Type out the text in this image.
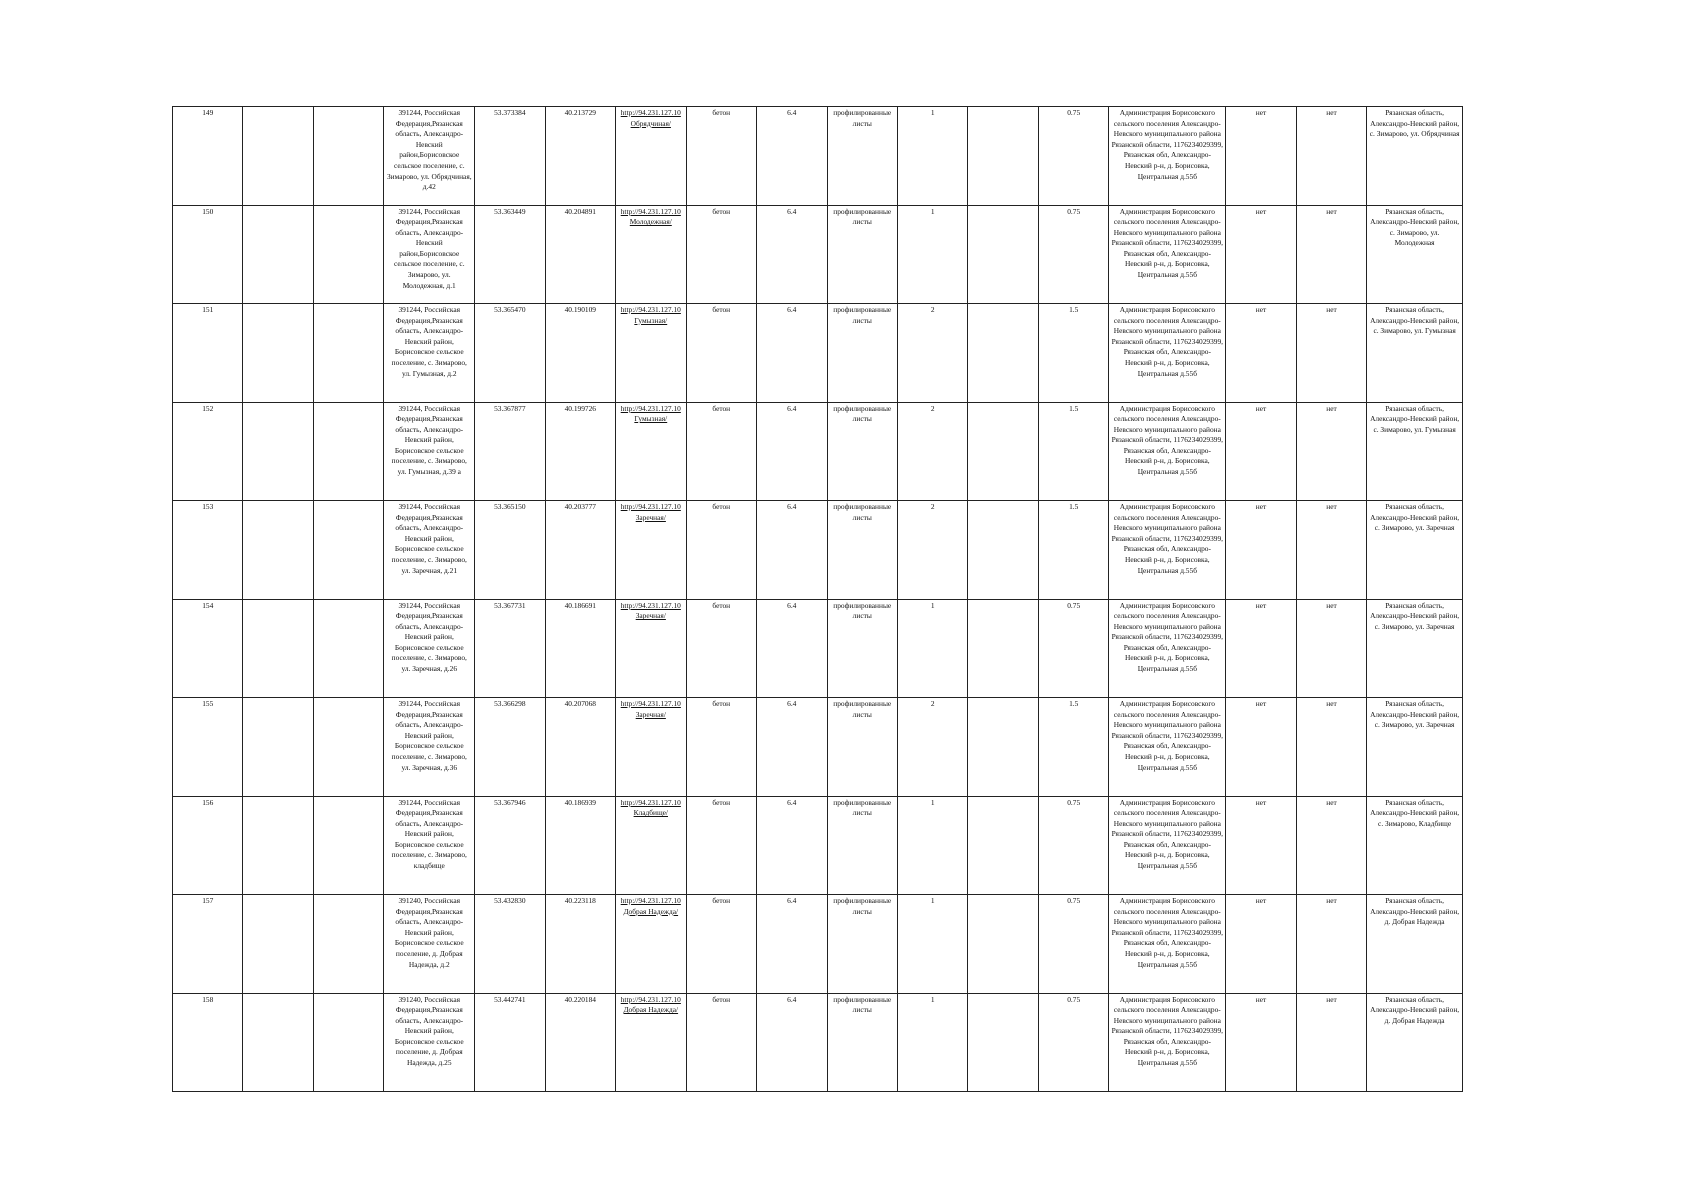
149			391244, Российская Федерация,Рязанская область, Александро-Невский район,Борисовское сельское поселение, с. Зимарово, ул. Обрядчиная, д.42	53.373384	40.213729	http://94.231.127.10 Обрядчиная/	бетон	6.4	профилированные листы	1		0.75	Администрация Борисовского сельского поселения Александро-Невского муниципального района Рязанской области, 1176234029399, Рязанская обл, Александро-Невский р-н, д. Борисовка, Центральная д.55б	нет	нет	Рязанская область, Александро-Невский район, с. Зимарово, ул. Обрядчиная
150			391244, Российская Федерация,Рязанская область, Александро-Невский район,Борисовское сельское поселение, с. Зимарово, ул. Молодежная, д.1	53.363449	40.204891	http://94.231.127.10 Молодежная/	бетон	6.4	профилированные листы	1		0.75	Администрация Борисовского сельского поселения Александро-Невского муниципального района Рязанской области, 1176234029399, Рязанская обл, Александро-Невский р-н, д. Борисовка, Центральная д.55б	нет	нет	Рязанская область, Александро-Невский район, с. Зимарово, ул. Молодежная
151			391244, Российская Федерация,Рязанская область, Александро-Невский район, Борисовское сельское поселение, с. Зимарово, ул. Гумызная, д.2	53.365470	40.190109	http://94.231.127.10 Гумызная/	бетон	6.4	профилированные листы	2		1.5	Администрация Борисовского сельского поселения Александро-Невского муниципального района Рязанской области, 1176234029399, Рязанская обл, Александро-Невский р-н, д. Борисовка, Центральная д.55б	нет	нет	Рязанская область, Александро-Невский район, с. Зимарово, ул. Гумызная
152			391244, Российская Федерация,Рязанская область, Александро-Невский район, Борисовское сельское поселение, с. Зимарово, ул. Гумызная, д.39 а	53.367877	40.199726	http://94.231.127.10 Гумызная/	бетон	6.4	профилированные листы	2		1.5	Администрация Борисовского сельского поселения Александро-Невского муниципального района Рязанской области, 1176234029399, Рязанская обл, Александро-Невский р-н, д. Борисовка, Центральная д.55б	нет	нет	Рязанская область, Александро-Невский район, с. Зимарово, ул. Гумызная
153			391244, Российская Федерация,Рязанская область, Александро-Невский район, Борисовское сельское поселение, с. Зимарово, ул. Заречная, д.21	53.365150	40.203777	http://94.231.127.10 Заречная/	бетон	6.4	профилированные листы	2		1.5	Администрация Борисовского сельского поселения Александро-Невского муниципального района Рязанской области, 1176234029399, Рязанская обл, Александро-Невский р-н, д. Борисовка, Центральная д.55б	нет	нет	Рязанская область, Александро-Невский район, с. Зимарово, ул. Заречная
154			391244, Российская Федерация,Рязанская область, Александро-Невский район, Борисовское сельское поселение, с. Зимарово, ул. Заречная, д.26	53.367731	40.186691	http://94.231.127.10 Заречная/	бетон	6.4	профилированные листы	1		0.75	Администрация Борисовского сельского поселения Александро-Невского муниципального района Рязанской области, 1176234029399, Рязанская обл, Александро-Невский р-н, д. Борисовка, Центральная д.55б	нет	нет	Рязанская область, Александро-Невский район, с. Зимарово, ул. Заречная
155			391244, Российская Федерация,Рязанская область, Александро-Невский район, Борисовское сельское поселение, с. Зимарово, ул. Заречная, д.36	53.366298	40.207068	http://94.231.127.10 Заречная/	бетон	6.4	профилированные листы	2		1.5	Администрация Борисовского сельского поселения Александро-Невского муниципального района Рязанской области, 1176234029399, Рязанская обл, Александро-Невский р-н, д. Борисовка, Центральная д.55б	нет	нет	Рязанская область, Александро-Невский район, с. Зимарово, ул. Заречная
156			391244, Российская Федерация,Рязанская область, Александро-Невский район, Борисовское сельское поселение, с. Зимарово, кладбище	53.367946	40.186939	http://94.231.127.10 Кладбище/	бетон	6.4	профилированные листы	1		0.75	Администрация Борисовского сельского поселения Александро-Невского муниципального района Рязанской области, 1176234029399, Рязанская обл, Александро-Невский р-н, д. Борисовка, Центральная д.55б	нет	нет	Рязанская область, Александро-Невский район, с. Зимарово, Кладбище
157			391240, Российская Федерация,Рязанская область, Александро-Невский район, Борисовское сельское поселение, д. Добрая Надежда, д.2	53.432830	40.223118	http://94.231.127.10 Добрая Надежда/	бетон	6.4	профилированные листы	1		0.75	Администрация Борисовского сельского поселения Александро-Невского муниципального района Рязанской области, 1176234029399, Рязанская обл, Александро-Невский р-н, д. Борисовка, Центральная д.55б	нет	нет	Рязанская область, Александро-Невский район, д. Добрая Надежда
158			391240, Российская Федерация,Рязанская область, Александро-Невский район, Борисовское сельское поселение, д. Добрая Надежда, д.25	53.442741	40.220184	http://94.231.127.10 Добрая Надежда/	бетон	6.4	профилированные листы	1		0.75	Администрация Борисовского сельского поселения Александро-Невского муниципального района Рязанской области, 1176234029399, Рязанская обл, Александро-Невский р-н, д. Борисовка, Центральная д.55б	нет	нет	Рязанская область, Александро-Невский район, д. Добрая Надежда
